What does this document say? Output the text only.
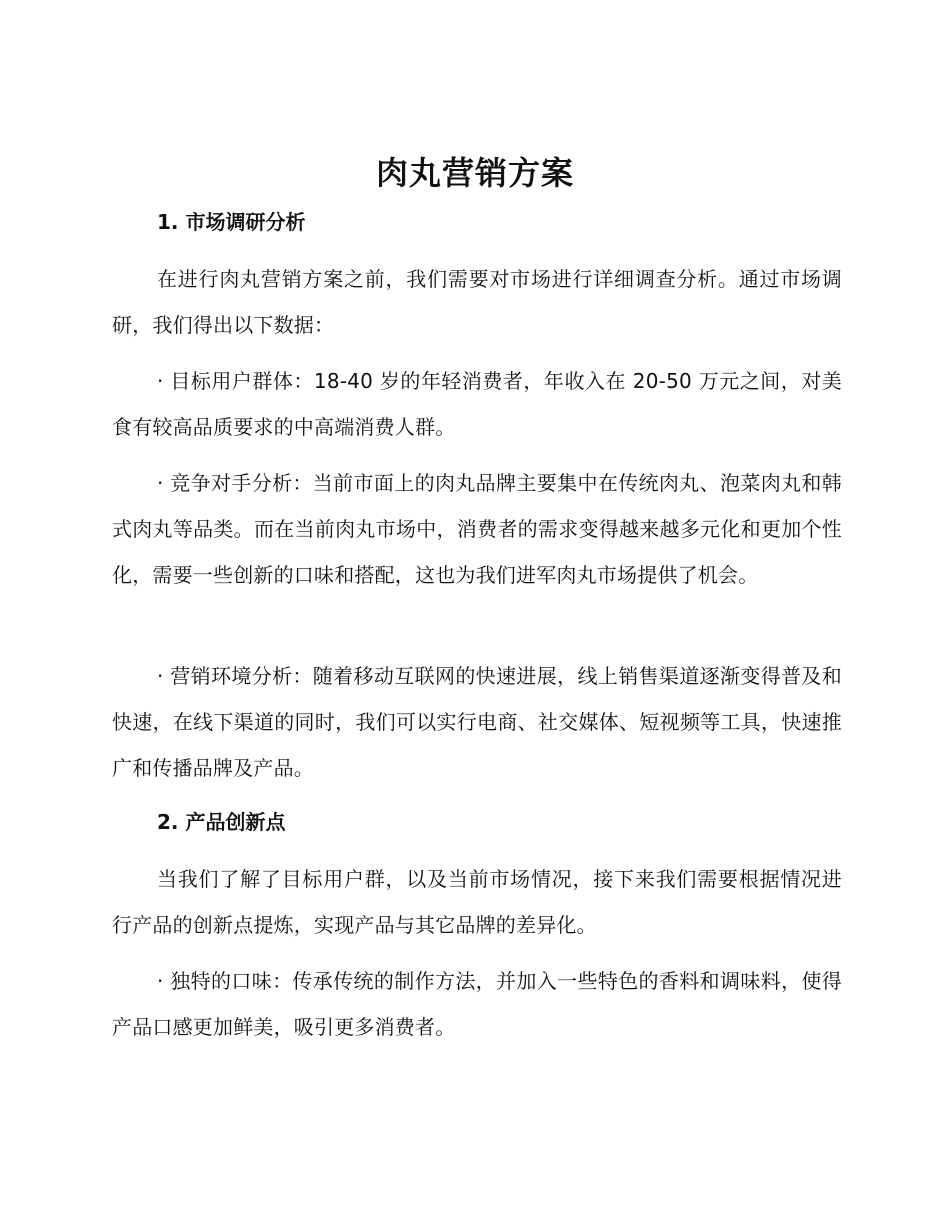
肉丸营销方案
1. 市场调研分析
在进行肉丸营销方案之前，我们需要对市场进行详细调查分析。通过市场调研，我们得出以下数据：
· 目标用户群体：18-40 岁的年轻消费者，年收入在 20-50 万元之间，对美食有较高品质要求的中高端消费人群。
· 竞争对手分析：当前市面上的肉丸品牌主要集中在传统肉丸、泡菜肉丸和韩式肉丸等品类。而在当前肉丸市场中，消费者的需求变得越来越多元化和更加个性化，需要一些创新的口味和搭配，这也为我们进军肉丸市场提供了机会。
· 营销环境分析：随着移动互联网的快速进展，线上销售渠道逐渐变得普及和快速，在线下渠道的同时，我们可以实行电商、社交媒体、短视频等工具，快速推广和传播品牌及产品。
2. 产品创新点
当我们了解了目标用户群，以及当前市场情况，接下来我们需要根据情况进行产品的创新点提炼，实现产品与其它品牌的差异化。
· 独特的口味：传承传统的制作方法，并加入一些特色的香料和调味料，使得产品口感更加鲜美，吸引更多消费者。
